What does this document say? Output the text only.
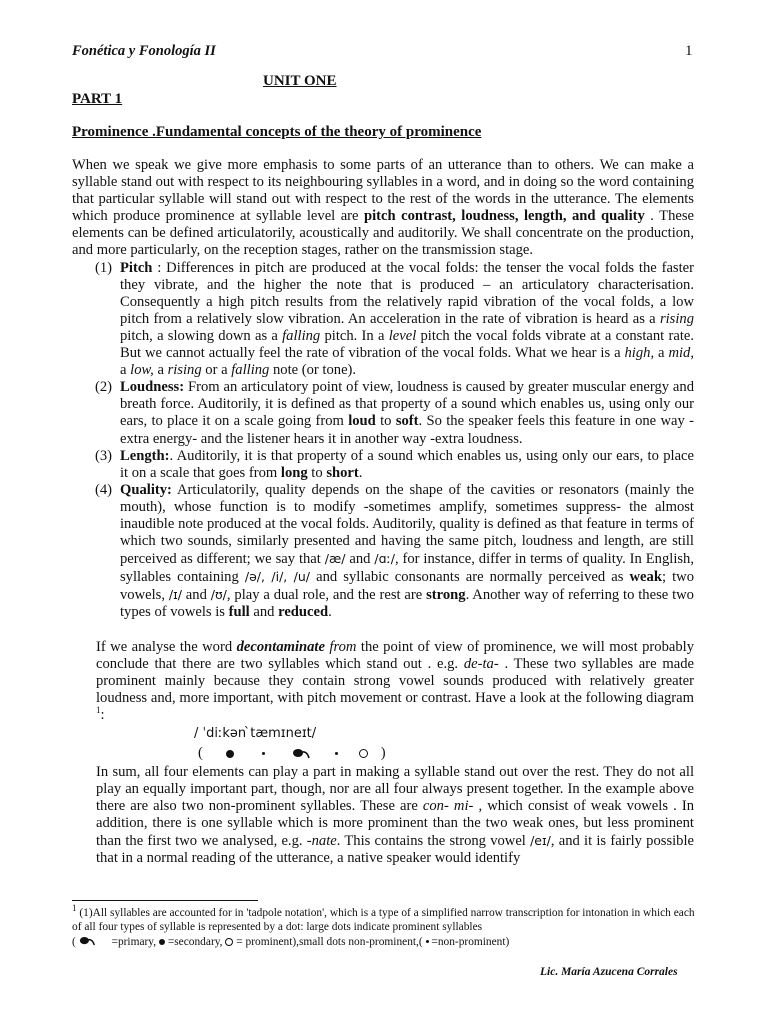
Fonética y Fonología II	1
UNIT ONE
PART 1
Prominence .Fundamental concepts of the theory of prominence

When we speak we give more emphasis to some parts of an utterance than to others. We can make a syllable stand out with respect to its neighbouring syllables in a word, and in doing so the word containing that particular syllable will stand out with respect to the rest of the words in the utterance. The elements which produce prominence at syllable level are pitch contrast, loudness, length, and quality . These elements can be defined articulatorily, acoustically and auditorily. We shall concentrate on the production, and more particularly, on the reception stages, rather on the transmission stage.

(1) Pitch : Differences in pitch are produced at the vocal folds: the tenser the vocal folds the faster they vibrate, and the higher the note that is produced – an articulatory characterisation. Consequently a high pitch results from the relatively rapid vibration of the vocal folds, a low pitch from a relatively slow vibration. An acceleration in the rate of vibration is heard as a rising pitch, a slowing down as a falling pitch. In a level pitch the vocal folds vibrate at a constant rate. But we cannot actually feel the rate of vibration of the vocal folds. What we hear is a high, a mid, a low, a rising or a falling note (or tone).
(2) Loudness: From an articulatory point of view, loudness is caused by greater muscular energy and breath force. Auditorily, it is defined as that property of a sound which enables us, using only our ears, to place it on a scale going from loud to soft. So the speaker feels this feature in one way -extra energy- and the listener hears it in another way -extra loudness.
(3) Length:. Auditorily, it is that property of a sound which enables us, using only our ears, to place it on a scale that goes from long to short.
(4) Quality: Articulatorily, quality depends on the shape of the cavities or resonators (mainly the mouth), whose function is to modify -sometimes amplify, sometimes suppress- the almost inaudible note produced at the vocal folds. Auditorily, quality is defined as that feature in terms of which two sounds, similarly presented and having the same pitch, loudness and length, are still perceived as different; we say that /æ/ and /ɑː/, for instance, differ in terms of quality. In English, syllables containing /ə/, /i/, /u/ and syllabic consonants are normally perceived as weak; two vowels, /ɪ/ and /ʊ/, play a dual role, and the rest are strong. Another way of referring to these two types of vowels is full and reduced.

If we analyse the word decontaminate from the point of view of prominence, we will most probably conclude that there are two syllables which stand out . e.g. de-ta- . These two syllables are made prominent mainly because they contain strong vowel sounds produced with relatively greater loudness and, more important, with pitch movement or contrast. Have a look at the following diagram $^1$:

/ ˈdiːkən ̀tæmɪneɪt/
(	)

In sum, all four elements can play a part in making a syllable stand out over the rest. They do not all play an equally important part, though, nor are all four always present together. In the example above there are also two non-prominent syllables. These are con- mi- , which consist of weak vowels . In addition, there is one syllable which is more prominent than the two weak ones, but less prominent than the first two we analysed, e.g. -nate. This contains the strong vowel /eɪ/, and it is fairly possible that in a normal reading of the utterance, a native speaker would identify

$^1$ (1)All syllables are accounted for in 'tadpole notation', which is a type of a simplified narrow transcription for intonation in which each of all four types of syllable is represented by a dot: large dots indicate prominent syllables
(	=primary, =secondary, = prominent),small dots non-prominent,( =non-prominent)
Lic. María Azucena Corrales
